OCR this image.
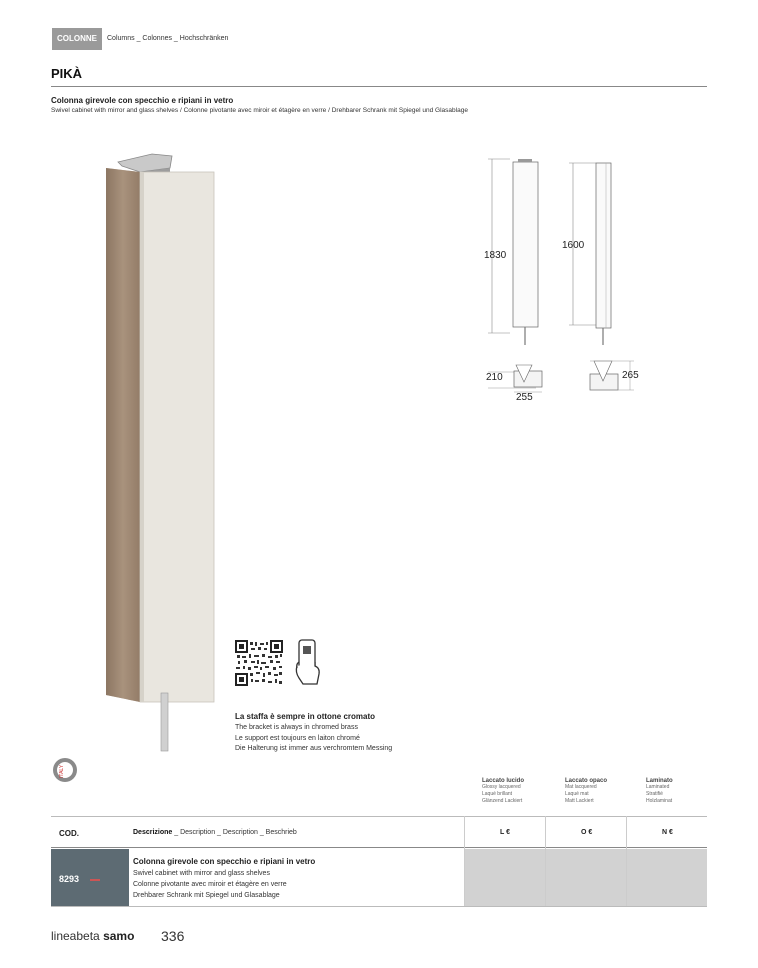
COLONNE	Columns _ Colonnes _ Hochschränken
PIKÀ
Colonna girevole con specchio e ripiani in vetro
Swivel cabinet with mirror and glass shelves / Colonne pivotante avec miroir et étagère en verre / Drehbarer Schrank mit Spiegel und Glasablage
1830
1600
210
255
265
La staffa è sempre in ottone cromato
The bracket is always in chromed brass
Le support est toujours en laiton chromé
Die Halterung ist immer aus verchromtem Messing
ITALY
Laccato lucido
Glossy lacquered
Laqué brillant
Glänzend Lackiert
Laccato opaco
Mat lacquered
Laqué mat
Matt Lackiert
Laminato
Laminated
Stratifié
Holzlaminat
COD.	Descrizione _ Description _ Description _ Beschrieb	L €	O €	N €
8293
Colonna girevole con specchio e ripiani in vetro
Swivel cabinet with mirror and glass shelves
Colonne pivotante avec miroir et étagère en verre
Drehbarer Schrank mit Spiegel und Glasablage
lineabeta samo 336
